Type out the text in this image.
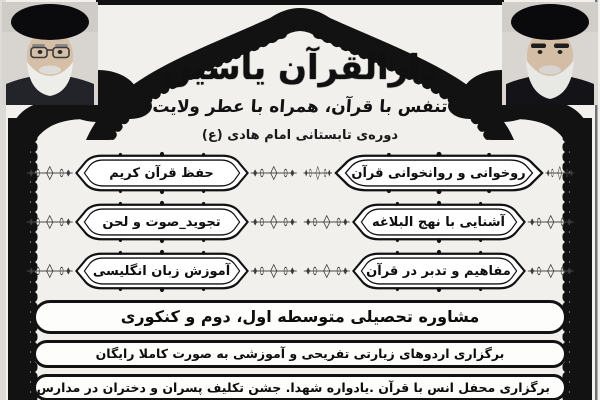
دارالقرآن یاسین
تنفس با قرآن، همراه با عطر ولایت
دوره‌ی تابستانی امام هادی (ع)
روخوانی و روانخوانی قرآن
آشنایی با نهج البلاغه
مفاهیم و تدبر در قرآن
حفظ قرآن کریم
تجوید_صوت و لحن
آموزش زبان انگلیسی
مشاوره تحصیلی متوسطه اول، دوم و کنکوری
برگزاری اردوهای زیارتی تفریحی و آموزشی به صورت کاملا رایگان
برگزاری محفل انس با قرآن .یادواره شهدا. جشن تکلیف پسران و دختران در مدارس
